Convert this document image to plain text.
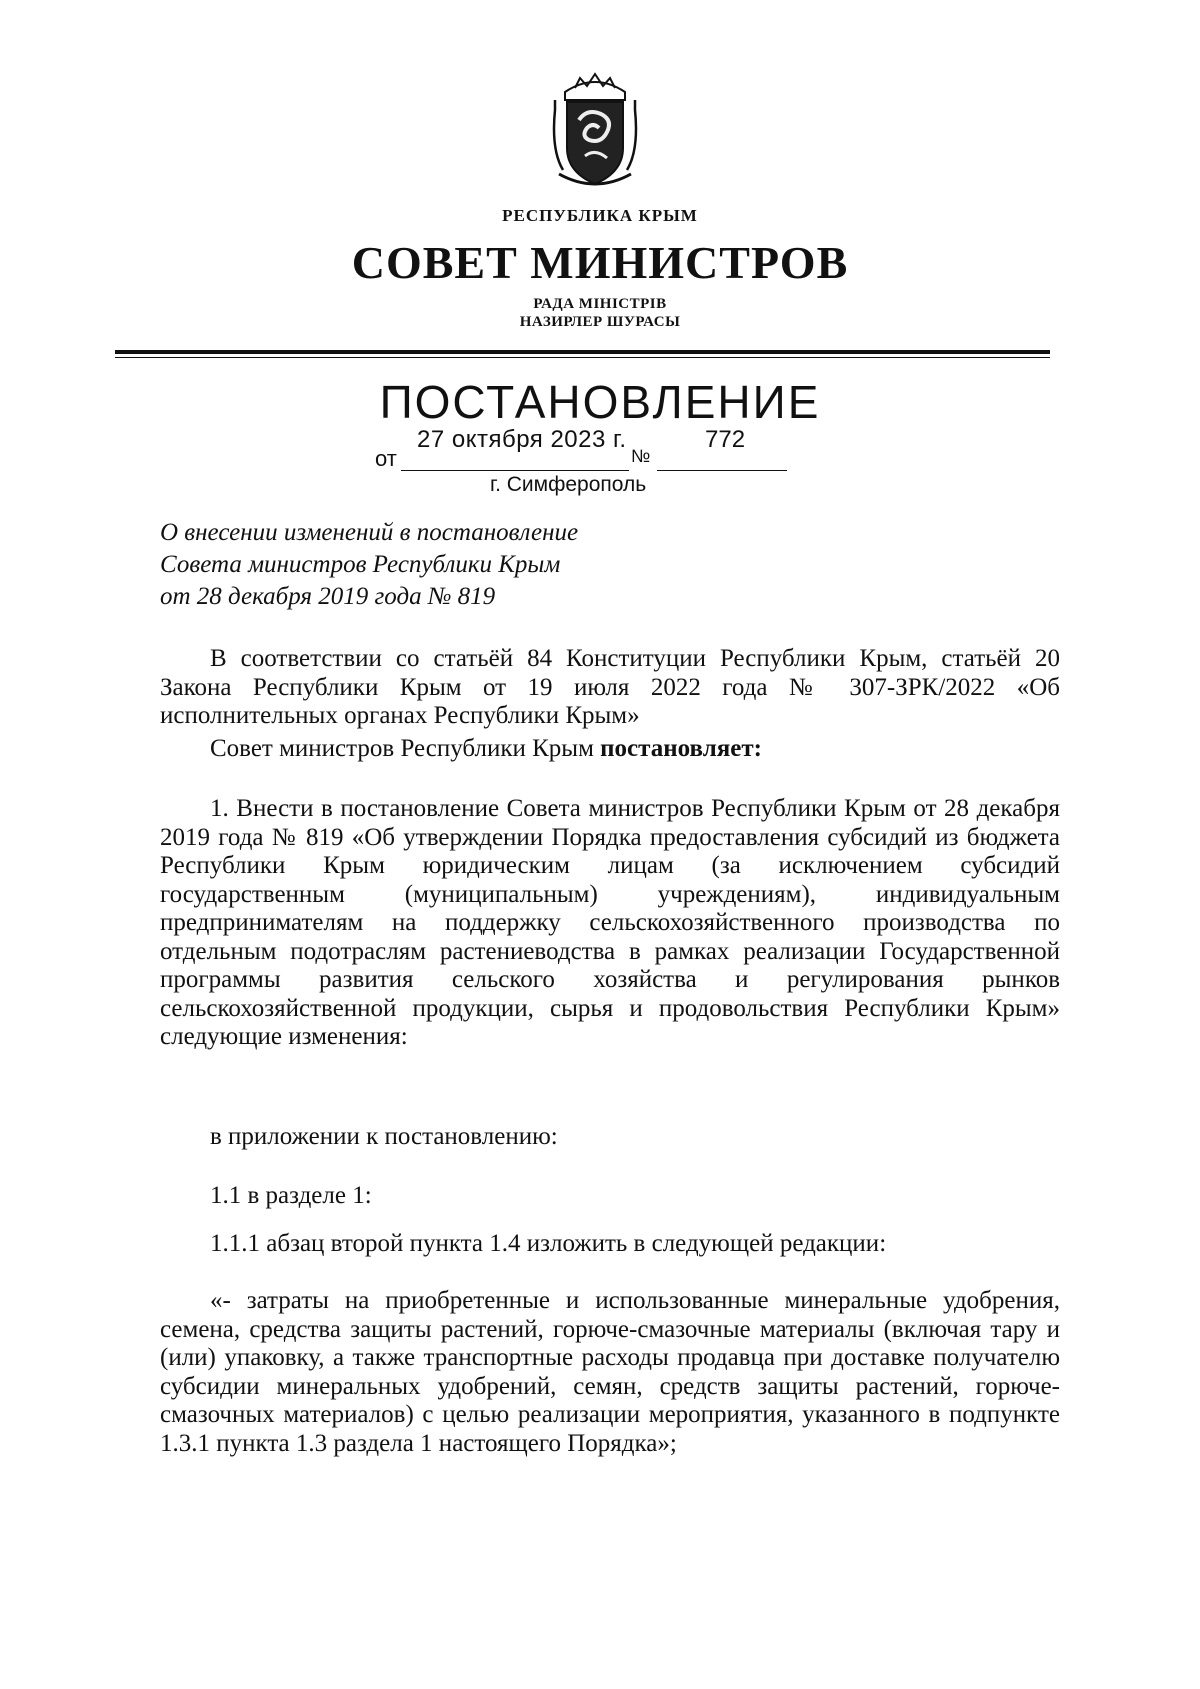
РЕСПУБЛИКА КРЫМ
СОВЕТ МИНИСТРОВ
РАДА МІНІСТРІВ
НАЗИРЛЕР ШУРАСЫ
ПОСТАНОВЛЕНИЕ
от	№
27 октября 2023 г.	772
г. Симферополь
О внесении изменений в постановление
Совета министров Республики Крым
от 28 декабря 2019 года № 819
В соответствии со статьёй 84 Конституции Республики Крым, статьёй 20 Закона Республики Крым от 19 июля 2022 года № 307-ЗРК/2022 «Об исполнительных органах Республики Крым»
Совет министров Республики Крым постановляет:
1. Внести в постановление Совета министров Республики Крым от 28 декабря 2019 года № 819 «Об утверждении Порядка предоставления субсидий из бюджета Республики Крым юридическим лицам (за исключением субсидий государственным (муниципальным) учреждениям), индивидуальным предпринимателям на поддержку сельскохозяйственного производства по отдельным подотраслям растениеводства в рамках реализации Государственной программы развития сельского хозяйства и регулирования рынков сельскохозяйственной продукции, сырья и продовольствия Республики Крым» следующие изменения:
в приложении к постановлению:
1.1 в разделе 1:
1.1.1 абзац второй пункта 1.4 изложить в следующей редакции:
«- затраты на приобретенные и использованные минеральные удобрения, семена, средства защиты растений, горюче-смазочные материалы (включая тару и (или) упаковку, а также транспортные расходы продавца при доставке получателю субсидии минеральных удобрений, семян, средств защиты растений, горюче-смазочных материалов) с целью реализации мероприятия, указанного в подпункте 1.3.1 пункта 1.3 раздела 1 настоящего Порядка»;
